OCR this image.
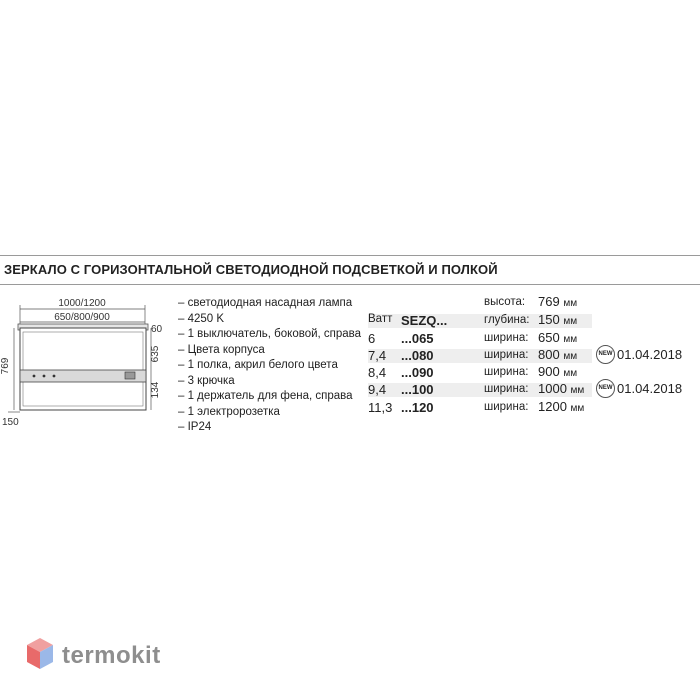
ЗЕРКАЛО С ГОРИЗОНТАЛЬНОЙ СВЕТОДИОДНОЙ ПОДСВЕТКОЙ И ПОЛКОЙ
1000/1200
650/800/900
769
635
60
134
150
– светодиодная насадная лампа
– 4250 K
– 1 выключатель, боковой, справа
– Цвета корпуса
– 1 полка, акрил белого цвета
– 3 крючка
– 1 держатель для фена, справа
– 1 электророзетка
– IP24
высота: 769 мм
Ватт SEZQ...	глубина: 150 мм
6 ...065	ширина: 650 мм
7,4 ...080	ширина: 800 мм	NEW 01.04.2018
8,4 ...090	ширина: 900 мм
9,4 ...100	ширина: 1000 мм	NEW 01.04.2018
11,3 ...120	ширина: 1200 мм
termokit
